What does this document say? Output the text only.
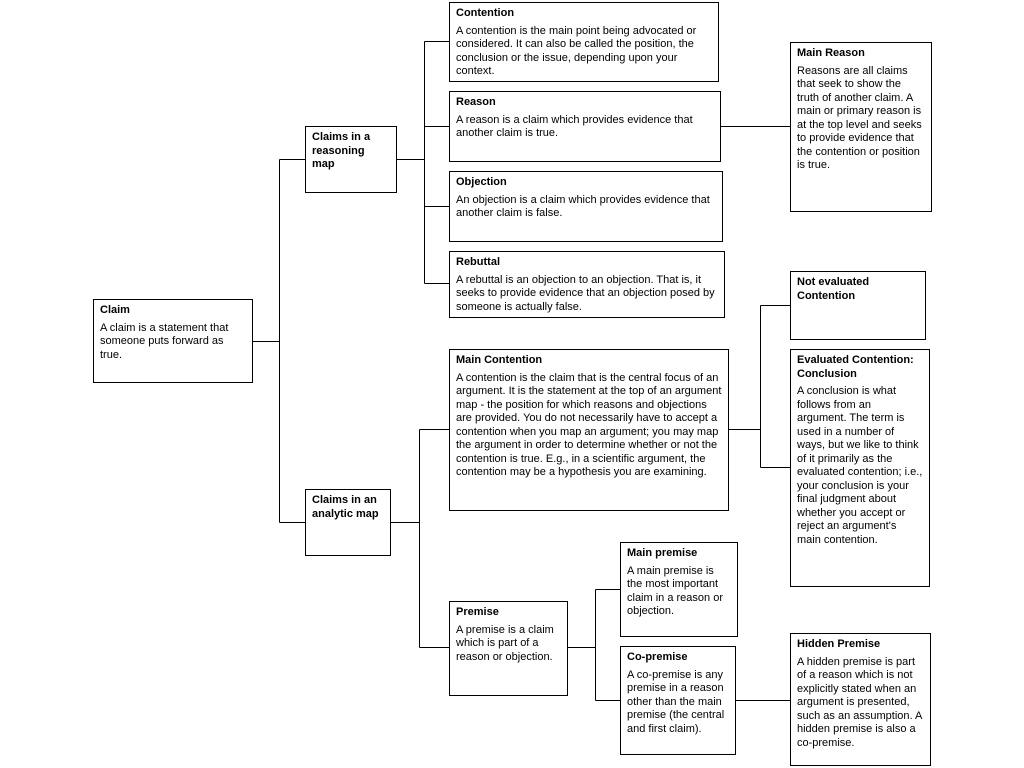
Claim
A claim is a statement that someone puts forward as true.
Claims in a reasoning map
Claims in an analytic map
Contention
A contention is the main point being advocated or considered. It can also be called the position, the conclusion or the issue, depending upon your context.
Reason
A reason is a claim which provides evidence that another claim is true.
Objection
An objection is a claim which provides evidence that another claim is false.
Rebuttal
A rebuttal is an objection to an objection. That is, it seeks to provide evidence that an objection posed by someone is actually false.
Main Reason
Reasons are all claims that seek to show the truth of another claim. A main or primary reason is at the top level and seeks to provide evidence that the contention or position is true.
Main Contention
A contention is the claim that is the central focus of an argument. It is the statement at the top of an argument map - the position for which reasons and objections are provided. You do not necessarily have to accept a contention when you map an argument; you may map the argument in order to determine whether or not the contention is true. E.g., in a scientific argument, the contention may be a hypothesis you are examining.
Not evaluated Contention
Evaluated Contention: Conclusion
A conclusion is what follows from an argument. The term is used in a number of ways, but we like to think of it primarily as the evaluated contention; i.e., your conclusion is your final judgment about whether you accept or reject an argument's main contention.
Premise
A premise is a claim which is part of a reason or objection.
Main premise
A main premise is the most important claim in a reason or objection.
Co-premise
A co-premise is any premise in a reason other than the main premise (the central and first claim).
Hidden Premise
A hidden premise is part of a reason which is not explicitly stated when an argument is presented, such as an assumption. A hidden premise is also a co-premise.
